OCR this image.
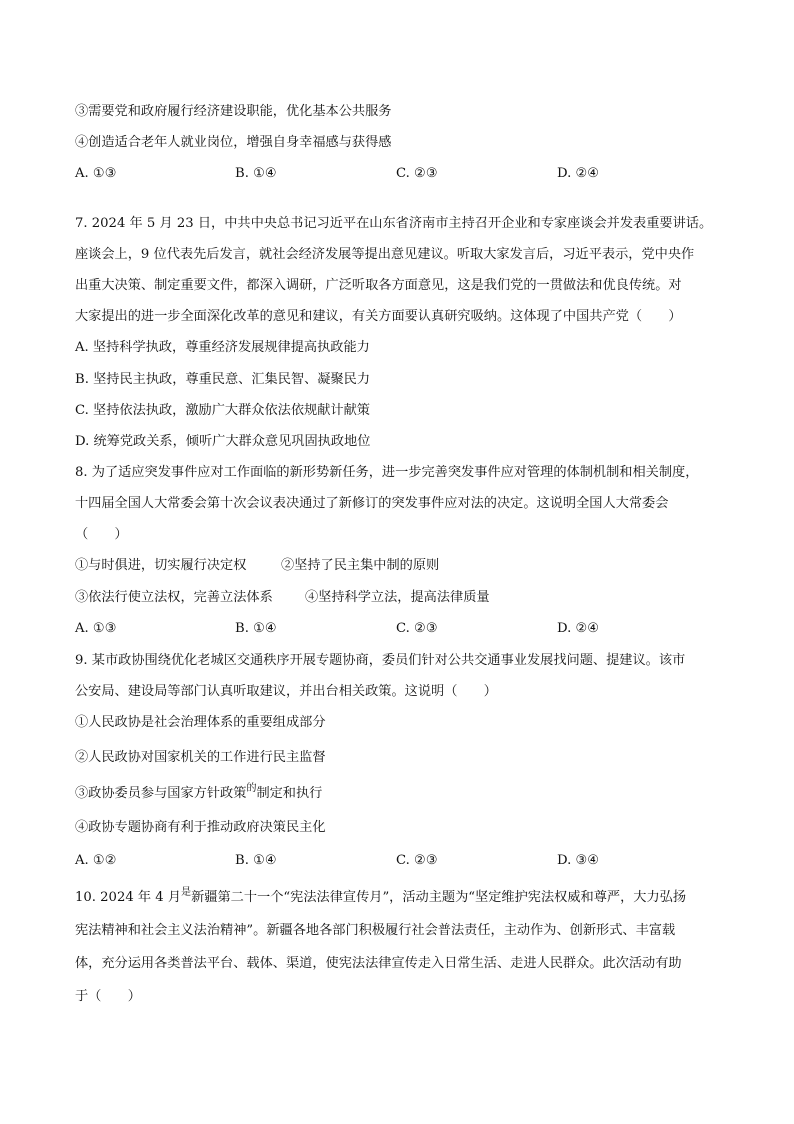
③需要党和政府履行经济建设职能，优化基本公共服务
④创造适合老年人就业岗位，增强自身幸福感与获得感
A. ①③	B. ①④	C. ②③	D. ②④
7. 2024 年 5 月 23 日，中共中央总书记习近平在山东省济南市主持召开企业和专家座谈会并发表重要讲话。
座谈会上，9 位代表先后发言，就社会经济发展等提出意见建议。听取大家发言后，习近平表示，党中央作
出重大决策、制定重要文件，都深入调研，广泛听取各方面意见，这是我们党的一贯做法和优良传统。对
大家提出的进一步全面深化改革的意见和建议，有关方面要认真研究吸纳。这体现了中国共产党（　　）
A. 坚持科学执政，尊重经济发展规律提高执政能力
B. 坚持民主执政，尊重民意、汇集民智、凝聚民力
C. 坚持依法执政，激励广大群众依法依规献计献策
D. 统筹党政关系，倾听广大群众意见巩固执政地位
8. 为了适应突发事件应对工作面临的新形势新任务，进一步完善突发事件应对管理的体制机制和相关制度，
十四届全国人大常委会第十次会议表决通过了新修订的突发事件应对法的决定。这说明全国人大常委会
（　　）
①与时俱进，切实履行决定权	②坚持了民主集中制的原则
③依法行使立法权，完善立法体系 ④坚持科学立法，提高法律质量
A. ①③	B. ①④	C. ②③	D. ②④
9. 某市政协围绕优化老城区交通秩序开展专题协商，委员们针对公共交通事业发展找问题、提建议。该市
公安局、建设局等部门认真听取建议，并出台相关政策。这说明（　　）
①人民政协是社会治理体系的重要组成部分
②人民政协对国家机关的工作进行民主监督
③政协委员参与国家方针政策$^的$制定和执行
④政协专题协商有利于推动政府决策民主化
A. ①②	B. ①④	C. ②③	D. ③④
10. 2024 年 4 月$^是$新疆第二十一个“宪法法律宣传月”，活动主题为“坚定维护宪法权威和尊严，大力弘扬
宪法精神和社会主义法治精神”。新疆各地各部门积极履行社会普法责任，主动作为、创新形式、丰富载
体，充分运用各类普法平台、载体、渠道，使宪法法律宣传走入日常生活、走进人民群众。此次活动有助
于（　　）
